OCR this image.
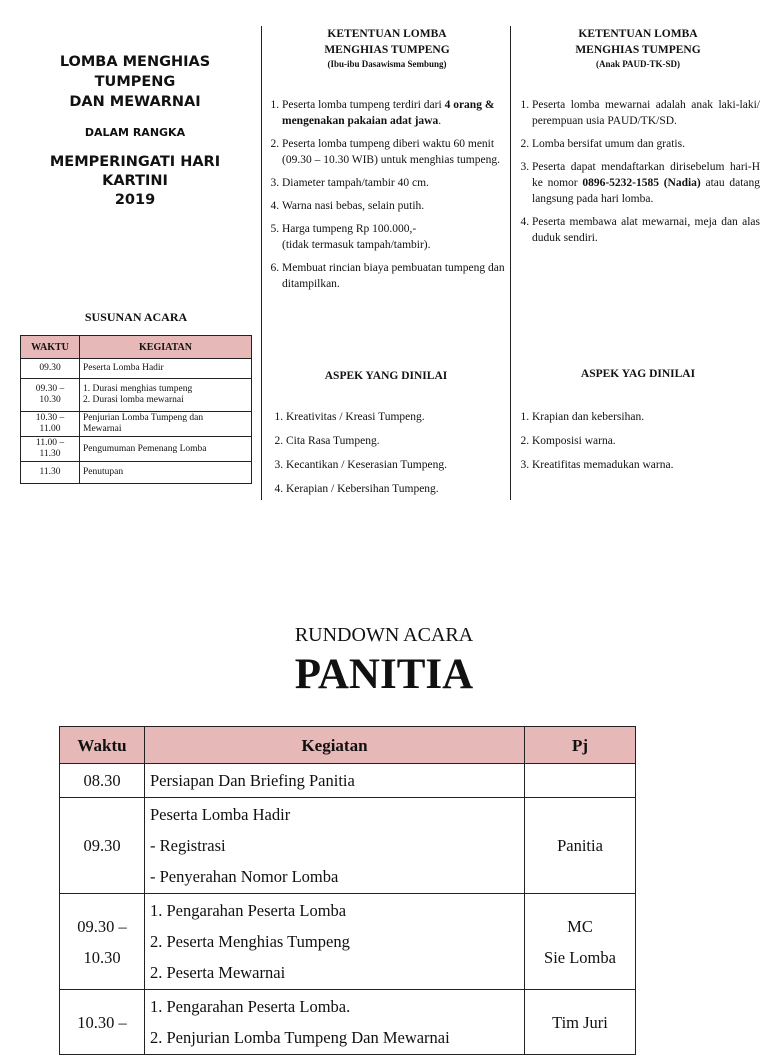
LOMBA MENGHIAS TUMPENG

DAN MEWARNAI

DALAM RANGKA

MEMPERINGATI HARI KARTINI

2019

SUSUNAN ACARA
WAKTU	KEGIATAN
09.30	Peserta Lomba Hadir
09.30 –
10.30	1. Durasi menghias tumpeng
2. Durasi lomba mewarnai
10.30 –
11.00	Penjurian Lomba Tumpeng dan
Mewarnai
11.00 –
11.30	Pengumuman Pemenang Lomba
11.30	Penutupan
KETENTUAN LOMBA
MENGHIAS TUMPENG
(Ibu-ibu Dasawisma Sembung)
1. Peserta lomba tumpeng terdiri dari 4 orang & mengenakan pakaian adat jawa.
2. Peserta lomba tumpeng diberi waktu 60 menit (09.30 – 10.30 WIB) untuk menghias tumpeng.
3. Diameter tampah/tambir 40 cm.
4. Warna nasi bebas, selain putih.
5. Harga tumpeng Rp 100.000,-
(tidak termasuk tampah/tambir).
6. Membuat rincian biaya pembuatan tumpeng dan ditampilkan.
ASPEK YANG DINILAI
1. Kreativitas / Kreasi Tumpeng.
2. Cita Rasa Tumpeng.
3. Kecantikan / Keserasian Tumpeng.
4. Kerapian / Kebersihan Tumpeng.
KETENTUAN LOMBA
MENGHIAS TUMPENG
(Anak PAUD-TK-SD)
1. Peserta lomba mewarnai adalah anak laki-laki/ perempuan usia PAUD/TK/SD.
2. Lomba bersifat umum dan gratis.
3. Peserta dapat mendaftarkan dirisebelum hari-H ke nomor 0896-5232-1585 (Nadia) atau datang langsung pada hari lomba.
4. Peserta membawa alat mewarnai, meja dan alas duduk sendiri.
ASPEK YAG DINILAI
1. Krapian dan kebersihan.
2. Komposisi warna.
3. Kreatifitas memadukan warna.
RUNDOWN ACARA
PANITIA
Waktu	Kegiatan	Pj
08.30	Persiapan Dan Briefing Panitia	
09.30	Peserta Lomba Hadir
- Registrasi
- Penyerahan Nomor Lomba	Panitia
09.30 –
10.30	1. Pengarahan Peserta Lomba
2. Peserta Menghias Tumpeng
2. Peserta Mewarnai	MC
Sie Lomba
10.30 –	1. Pengarahan Peserta Lomba.
2. Penjurian Lomba Tumpeng Dan Mewarnai	Tim Juri
